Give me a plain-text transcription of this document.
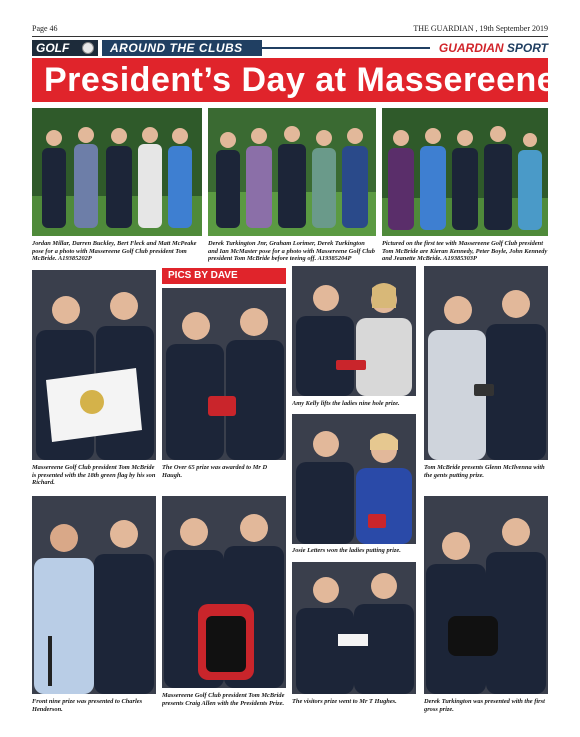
Page 46	THE GUARDIAN , 19th September 2019
GOLF	AROUND THE CLUBS	GUARDIAN SPORT
President’s Day at Massereene
Jordan Millar, Darren Buckley, Bert Fleck and Matt McPeake pose for a photo with Massereene Golf Club president Tom McBride. A19385202P
Derek Turkington Jnr, Graham Lorimer, Derek Turkington and Ian McMaster pose for a photo with Massereene Golf Club president Tom McBride before teeing off. A19385204P
Pictured on the first tee with Massereene Golf Club president Tom McBride are Kieran Kennedy, Peter Boyle, John Kennedy and Jeanette McBride. A19385303P
Massereene Golf Club president Tom McBride is presented with the 18th green flag by his son Richard.
PICS BY DAVE
The Over 65 prize was awarded to Mr D Haugh.
Amy Kelly lifts the ladies nine hole prize.
Tom McBride presents Glenn McIlvenna with the gents putting prize.
Josie Letters won the ladies putting prize.
Front nine prize was presented to Charles Henderson.
Massereene Golf Club president Tom McBride presents Craig Allen with the Presidents Prize. The visitors prize went to Mr T Hughes.	Derek Turkington was presented with the first gross prize.
